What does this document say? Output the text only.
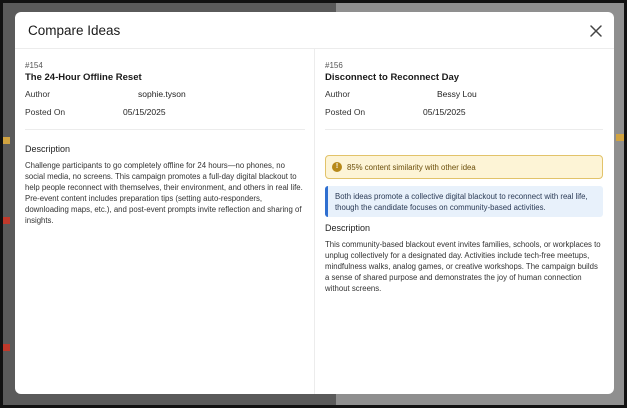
Compare Ideas
#154
The 24-Hour Offline Reset
Author	sophie.tyson
Posted On	05/15/2025
Description
Challenge participants to go completely offline for 24 hours—no phones, no social media, no screens. This campaign promotes a full-day digital blackout to help people reconnect with themselves, their environment, and others in real life. Pre-event content includes preparation tips (setting auto-responders, downloading maps, etc.), and post-event prompts invite reflection and sharing of insights.
#156
Disconnect to Reconnect Day
Author	Bessy Lou
Posted On	05/15/2025
!	85% content similarity with other idea
Both ideas promote a collective digital blackout to reconnect with real life, though the candidate focuses on community-based activities.
Description
This community-based blackout event invites families, schools, or workplaces to unplug collectively for a designated day. Activities include tech-free meetups, mindfulness walks, analog games, or creative workshops. The campaign builds a sense of shared purpose and demonstrates the joy of human connection without screens.
